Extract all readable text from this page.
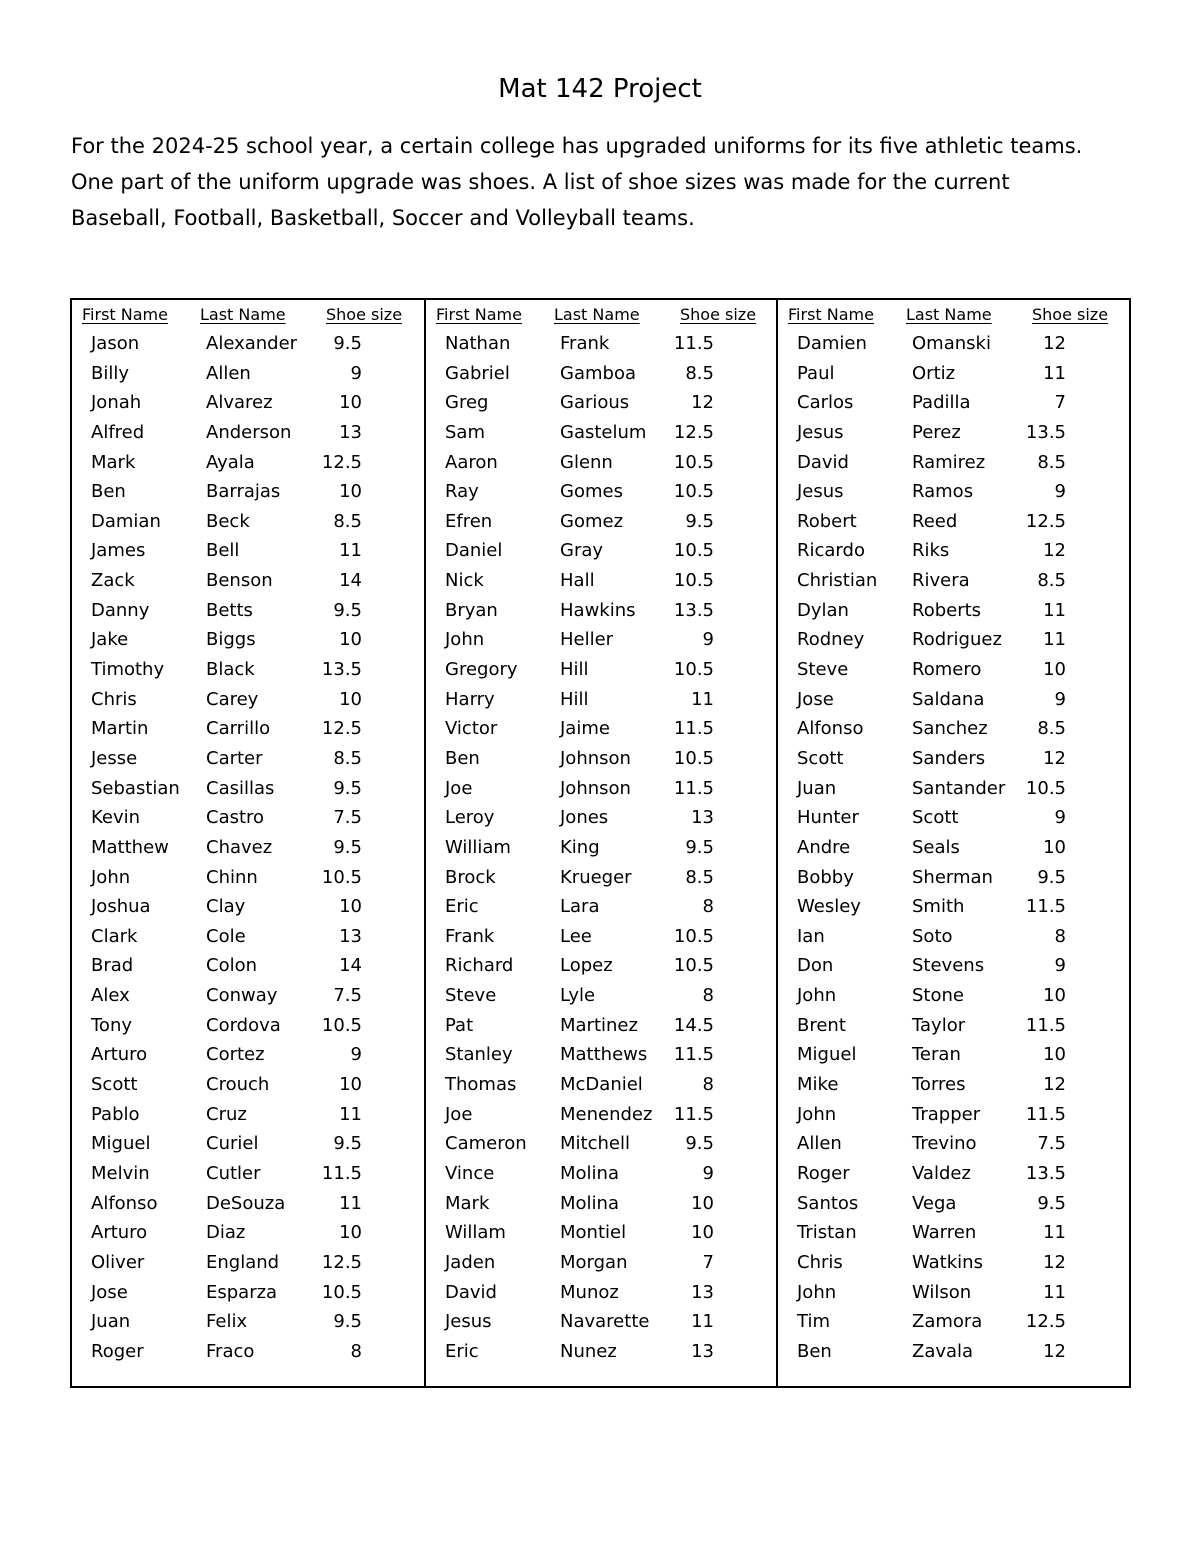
Mat 142 Project

For the 2024-25 school year, a certain college has upgraded uniforms for its five athletic teams.

One part of the uniform upgrade was shoes. A list of shoe sizes was made for the current

Baseball, Football, Basketball, Soccer and Volleyball teams.

First Name Last Name	Shoe size
Jason	Alexander 9.5
Billy	Allen	9
Jonah	Alvarez	10
Alfred	Anderson	13
Mark	Ayala	12.5
Ben	Barrajas	10
Damian	Beck	8.5
James	Bell	11
Zack	Benson	14
Danny	Betts	9.5
Jake	Biggs	10
Timothy Black	13.5
Chris	Carey	10
Martin	Carrillo	12.5
Jesse	Carter	8.5
Sebastian Casillas	9.5
Kevin	Castro	7.5
Matthew Chavez	9.5
John	Chinn	10.5
Joshua	Clay	10
Clark	Cole	13
Brad	Colon	14
Alex	Conway	7.5
Tony	Cordova 10.5
Arturo	Cortez	9
Scott	Crouch	10
Pablo	Cruz	11
Miguel	Curiel	9.5
Melvin	Cutler	11.5
Alfonso	DeSouza	11
Arturo	Diaz	10
Oliver	England 12.5
Jose	Esparza 10.5
Juan	Felix	9.5
Roger	Fraco	8
First Name Last Name	Shoe size
Nathan	Frank	11.5
Gabriel	Gamboa	8.5
Greg	Garious	12
Sam	Gastelum 12.5
Aaron	Glenn	10.5
Ray	Gomes	10.5
Efren	Gomez	9.5
Daniel	Gray	10.5
Nick	Hall	10.5
Bryan	Hawkins 13.5
John	Heller	9
Gregory Hill	10.5
Harry	Hill	11
Victor	Jaime	11.5
Ben	Johnson 10.5
Joe	Johnson 11.5
Leroy	Jones	13
William	King	9.5
Brock	Krueger	8.5
Eric	Lara	8
Frank	Lee	10.5
Richard	Lopez	10.5
Steve	Lyle	8
Pat	Martinez 14.5
Stanley	Matthews 11.5
Thomas McDaniel	8
Joe	Menendez 11.5
Cameron Mitchell	9.5
Vince	Molina	9
Mark	Molina	10
Willam	Montiel	10
Jaden	Morgan	7
David	Munoz	13
Jesus	Navarette 11
Eric	Nunez	13
First Name Last Name	Shoe size
Damien	Omanski	12
Paul	Ortiz	11
Carlos	Padilla	7
Jesus	Perez	13.5
David	Ramirez	8.5
Jesus	Ramos	9
Robert	Reed	12.5
Ricardo	Riks	12
Christian Rivera	8.5
Dylan	Roberts	11
Rodney	Rodriguez 11
Steve	Romero	10
Jose	Saldana	9
Alfonso	Sanchez	8.5
Scott	Sanders	12
Juan	Santander 10.5
Hunter	Scott	9
Andre	Seals	10
Bobby	Sherman 9.5
Wesley	Smith	11.5
Ian	Soto	8
Don	Stevens	9
John	Stone	10
Brent	Taylor	11.5
Miguel	Teran	10
Mike	Torres	12
John	Trapper	11.5
Allen	Trevino	7.5
Roger	Valdez	13.5
Santos	Vega	9.5
Tristan	Warren	11
Chris	Watkins	12
John	Wilson	11
Tim	Zamora 12.5
Ben	Zavala	12
